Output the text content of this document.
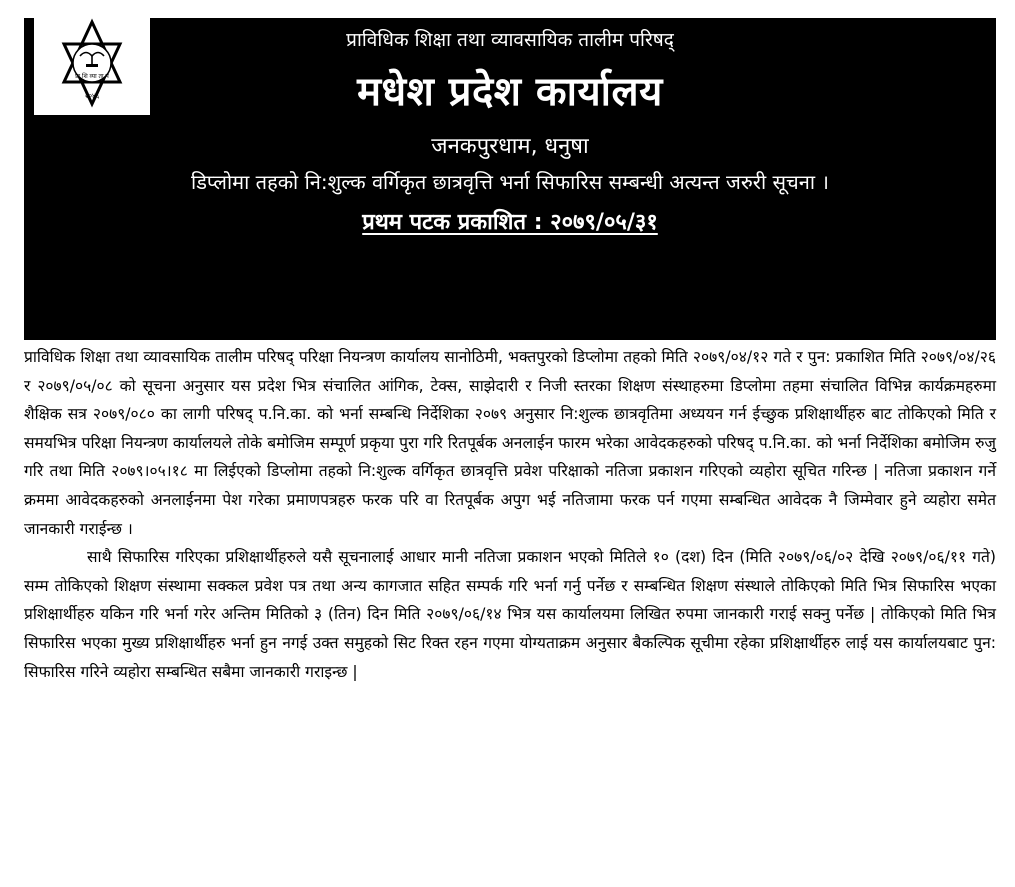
प्रा शि व्या ता प
२०४६
प्राविधिक शिक्षा तथा व्यावसायिक तालीम परिषद्
मधेश प्रदेश कार्यालय
जनकपुरधाम, धनुषा
डिप्लोमा तहको नि:शुल्क वर्गिकृत छात्रवृत्ति भर्ना सिफारिस सम्बन्धी अत्यन्त जरुरी सूचना ।
प्रथम पटक प्रकाशित : २०७९/०५/३१

प्राविधिक शिक्षा तथा व्यावसायिक तालीम परिषद् परिक्षा नियन्त्रण कार्यालय सानोठिमी, भक्तपुरको डिप्लोमा तहको मिति २०७९/०४/१२ गते र पुन: प्रकाशित मिति २०७९/०४/२६ र २०७९/०५/०८ को सूचना अनुसार यस प्रदेश भित्र संचालित आंगिक, टेक्स, साझेदारी र निजी स्तरका शिक्षण संस्थाहरुमा डिप्लोमा तहमा संचालित विभिन्न कार्यक्रमहरुमा शैक्षिक सत्र २०७९/०८० का लागी परिषद् प.नि.का. को भर्ना सम्बन्धि निर्देशिका २०७९ अनुसार नि:शुल्क छात्रवृतिमा अध्ययन गर्न ईच्छुक प्रशिक्षार्थीहरु बाट तोकिएको मिति र समयभित्र परिक्षा नियन्त्रण कार्यालयले तोके बमोजिम सम्पूर्ण प्रकृया पुरा गरि रितपूर्बक अनलाईन फारम भरेका आवेदकहरुको परिषद् प.नि.का. को भर्ना निर्देशिका बमोजिम रुजु गरि तथा मिति २०७९।०५।१८ मा लिईएको डिप्लोमा तहको नि:शुल्क वर्गिकृत छात्रवृत्ति प्रवेश परिक्षाको नतिजा प्रकाशन गरिएको व्यहोरा सूचित गरिन्छ | नतिजा प्रकाशन गर्ने क्रममा आवेदकहरुको अनलाईनमा पेश गरेका प्रमाणपत्रहरु फरक परि वा रितपूर्बक अपुग भई नतिजामा फरक पर्न गएमा सम्बन्धित आवेदक नै जिम्मेवार हुने व्यहोरा समेत जानकारी गराईन्छ ।

साथै सिफारिस गरिएका प्रशिक्षार्थीहरुले यसै सूचनालाई आधार मानी नतिजा प्रकाशन भएको मितिले १० (दश) दिन (मिति २०७९/०६/०२ देखि २०७९/०६/११ गते) सम्म तोकिएको शिक्षण संस्थामा सक्कल प्रवेश पत्र तथा अन्य कागजात सहित सम्पर्क गरि भर्ना गर्नु पर्नेछ र सम्बन्धित शिक्षण संस्थाले तोकिएको मिति भित्र सिफारिस भएका प्रशिक्षार्थीहरु यकिन गरि भर्ना गरेर अन्तिम मितिको ३ (तिन) दिन मिति २०७९/०६/१४ भित्र यस कार्यालयमा लिखित रुपमा जानकारी गराई सक्नु पर्नेछ | तोकिएको मिति भित्र सिफारिस भएका मुख्य प्रशिक्षार्थीहरु भर्ना हुन नगई उक्त समुहको सिट रिक्त रहन गएमा योग्यताक्रम अनुसार बैकल्पिक सूचीमा रहेका प्रशिक्षार्थीहरु लाई यस कार्यालयबाट पुन: सिफारिस गरिने व्यहोरा सम्बन्धित सबैमा जानकारी गराइन्छ |
